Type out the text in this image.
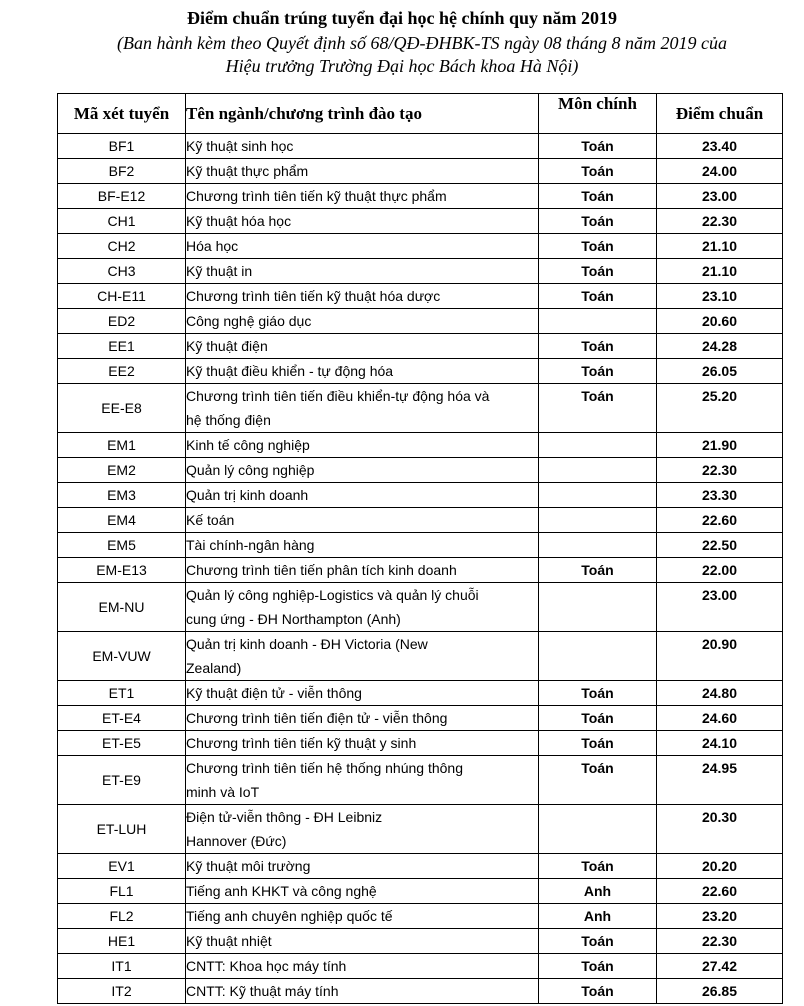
Điểm chuẩn trúng tuyển đại học hệ chính quy năm 2019
(Ban hành kèm theo Quyết định số 68/QĐ-ĐHBK-TS ngày 08 tháng 8 năm 2019 của
Hiệu trưởng Trường Đại học Bách khoa Hà Nội)
Mã xét tuyển	Tên ngành/chương trình đào tạo	Môn chính	Điểm chuẩn
BF1	Kỹ thuật sinh học	Toán	23.40
BF2	Kỹ thuật thực phẩm	Toán	24.00
BF-E12	Chương trình tiên tiến kỹ thuật thực phẩm	Toán	23.00
CH1	Kỹ thuật hóa học	Toán	22.30
CH2	Hóa học	Toán	21.10
CH3	Kỹ thuật in	Toán	21.10
CH-E11	Chương trình tiên tiến kỹ thuật hóa dược	Toán	23.10
ED2	Công nghệ giáo dục		20.60
EE1	Kỹ thuật điện	Toán	24.28
EE2	Kỹ thuật điều khiển - tự động hóa	Toán	26.05
EE-E8	Chương trình tiên tiến điều khiển-tự động hóa và
hệ thống điện	Toán	25.20
EM1	Kinh tế công nghiệp		21.90
EM2	Quản lý công nghiệp		22.30
EM3	Quản trị kinh doanh		23.30
EM4	Kế toán		22.60
EM5	Tài chính-ngân hàng		22.50
EM-E13	Chương trình tiên tiến phân tích kinh doanh	Toán	22.00
EM-NU	Quản lý công nghiệp-Logistics và quản lý chuỗi
cung ứng - ĐH Northampton (Anh)		23.00
EM-VUW	Quản trị kinh doanh - ĐH Victoria (New
Zealand)		20.90
ET1	Kỹ thuật điện tử - viễn thông	Toán	24.80
ET-E4	Chương trình tiên tiến điện tử - viễn thông	Toán	24.60
ET-E5	Chương trình tiên tiến kỹ thuật y sinh	Toán	24.10
ET-E9	Chương trình tiên tiến hệ thống nhúng thông
minh và IoT	Toán	24.95
ET-LUH	Điện tử-viễn thông - ĐH Leibniz
Hannover (Đức)		20.30
EV1	Kỹ thuật môi trường	Toán	20.20
FL1	Tiếng anh KHKT và công nghệ	Anh	22.60
FL2	Tiếng anh chuyên nghiệp quốc tế	Anh	23.20
HE1	Kỹ thuật nhiệt	Toán	22.30
IT1	CNTT: Khoa học máy tính	Toán	27.42
IT2	CNTT: Kỹ thuật máy tính	Toán	26.85
